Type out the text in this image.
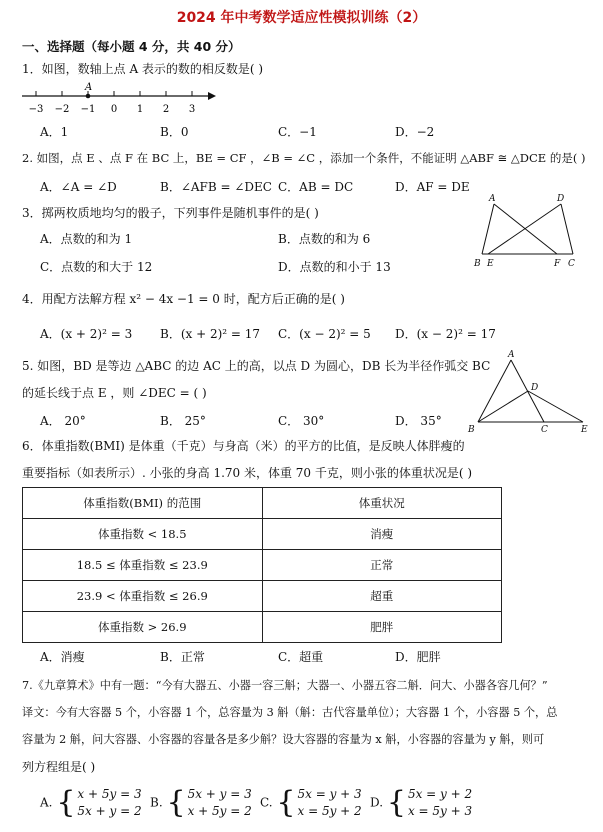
2024 年中考数学适应性模拟训练（2）
一、选择题（每小题 4 分，共 40 分）
1．如图，数轴上点 A 表示的数的相反数是( )
−3 −2 −1 0 1 2 3
A
A．1	B．0	C．−1	D．−2
2. 如图，点 E 、点 F 在 BC 上，BE = CF ，∠B = ∠C ，添加一个条件，不能证明 △ABF ≅ △DCE 的是( )
A．∠A = ∠D	B．∠AFB = ∠DEC C．AB = DC	D．AF = DE
3．掷两枚质地均匀的骰子，下列事件是随机事件的是( )
A．点数的和为 1	B．点数的和为 6
C．点数的和大于 12	D．点数的和小于 13
A	D
B E	F C
4．用配方法解方程 x² − 4x −1 = 0 时，配方后正确的是( )
A．(x + 2)² = 3 B．(x + 2)² = 17 C．(x − 2)² = 5 D．(x − 2)² = 17
5. 如图，BD 是等边 △ABC 的边 AC 上的高，以点 D 为圆心，DB 长为半径作弧交 BC
的延长线于点 E ，则 ∠DEC = ( )
A． 20°	B． 25°	C． 30°	D． 35°
A
D
B	C	E
6．体重指数(BMI) 是体重（千克）与身高（米）的平方的比值，是反映人体胖瘦的
重要指标（如表所示）. 小张的身高 1.70 米，体重 70 千克，则小张的体重状况是( )
体重指数(BMI) 的范围	体重状况
体重指数 < 18.5	消瘦
18.5 ≤ 体重指数 ≤ 23.9	正常
23.9 < 体重指数 ≤ 26.9	超重
体重指数 > 26.9	肥胖
A．消瘦	B．正常	C．超重	D．肥胖
7.《九章算术》中有一题：“今有大器五、小器一容三斛；大器一、小器五容二斛．问大、小器各容几何？”
译文：今有大容器 5 个，小容器 1 个，总容量为 3 斛（斛：古代容量单位）；大容器 1 个，小容器 5 个，总
容量为 2 斛，问大容器、小容器的容量各是多少斛？设大容器的容量为 x 斛，小容器的容量为 y 斛，则可
列方程组是( )
A. { x + 5y = 3
5x + y = 2
B. { 5x + y = 3
x + 5y = 2
C. { 5x = y + 3
x = 5y + 2
D. { 5x = y + 2
x = 5y + 3
